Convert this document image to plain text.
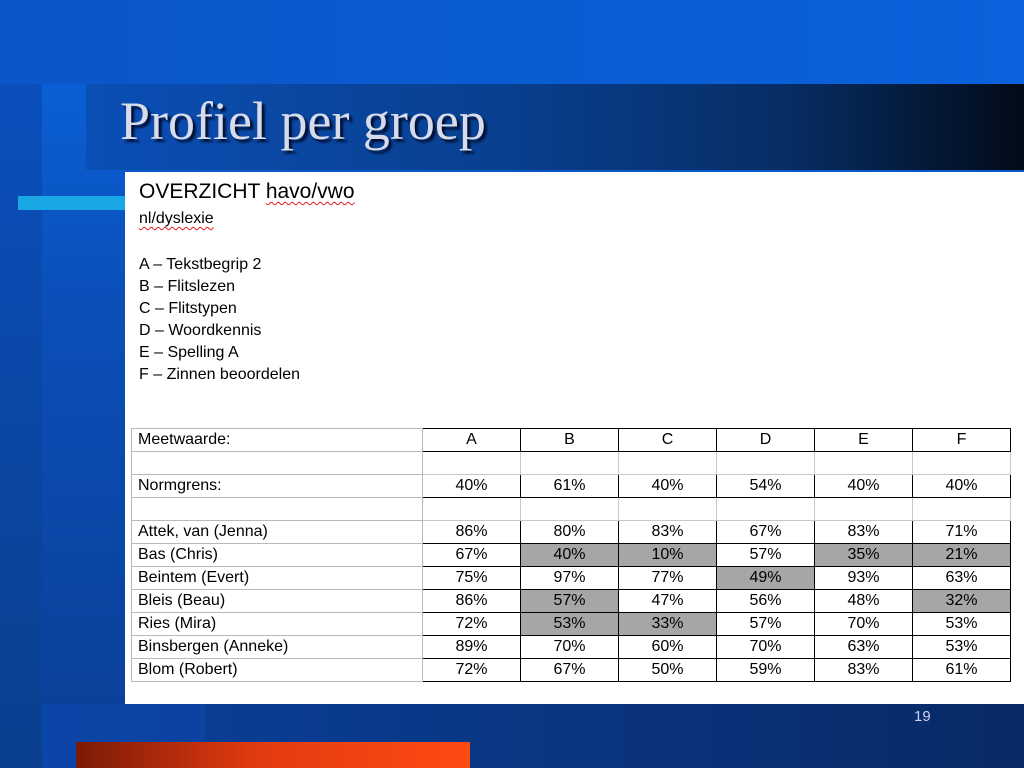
Profiel per groep
OVERZICHT havo/vwo
nl/dyslexie
A – Tekstbegrip 2
B – Flitslezen
C – Flitstypen
D – Woordkennis
E – Spelling A
F – Zinnen beoordelen
Meetwaarde:	A	B	C	D	E	F

Normgrens:	40%	61%	40%	54%	40%	40%

Attek, van (Jenna)	86%	80%	83%	67%	83%	71%
Bas (Chris)	67%	40%	10%	57%	35%	21%
Beintem (Evert)	75%	97%	77%	49%	93%	63%
Bleis (Beau)	86%	57%	47%	56%	48%	32%
Ries (Mira)	72%	53%	33%	57%	70%	53%
Binsbergen (Anneke)	89%	70%	60%	70%	63%	53%
Blom (Robert)	72%	67%	50%	59%	83%	61%
19
